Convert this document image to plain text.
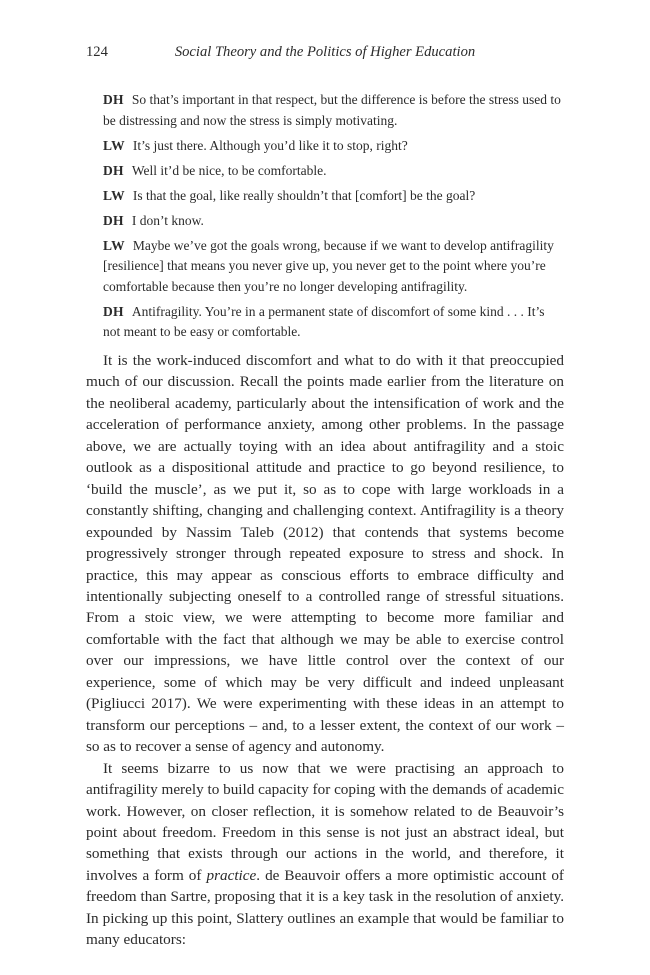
124	Social Theory and the Politics of Higher Education

DH So that’s important in that respect, but the difference is before the stress used to be distressing and now the stress is simply motivating.

LW It’s just there. Although you’d like it to stop, right?

DH Well it’d be nice, to be comfortable.

LW Is that the goal, like really shouldn’t that [comfort] be the goal?

DH I don’t know.

LW Maybe we’ve got the goals wrong, because if we want to develop antifragility [resilience] that means you never give up, you never get to the point where you’re comfortable because then you’re no longer developing antifragility.

DH Antifragility. You’re in a permanent state of discomfort of some kind . . . It’s not meant to be easy or comfortable.

It is the work-induced discomfort and what to do with it that preoccupied much of our discussion. Recall the points made earlier from the literature on the neoliberal academy, particularly about the intensification of work and the acceleration of performance anxiety, among other problems. In the passage above, we are actually toying with an idea about antifragility and a stoic outlook as a dispositional attitude and practice to go beyond resilience, to ‘build the muscle’, as we put it, so as to cope with large workloads in a constantly shifting, changing and challenging context. Antifragility is a theory expounded by Nassim Taleb (2012) that contends that systems become progressively stronger through repeated exposure to stress and shock. In practice, this may appear as conscious efforts to embrace difficulty and intentionally subjecting oneself to a controlled range of stressful situations. From a stoic view, we were attempting to become more familiar and comfortable with the fact that although we may be able to exercise control over our impressions, we have little control over the context of our experience, some of which may be very difficult and indeed unpleasant (Pigliucci 2017). We were experimenting with these ideas in an attempt to transform our perceptions – and, to a lesser extent, the context of our work – so as to recover a sense of agency and autonomy.

It seems bizarre to us now that we were practising an approach to antifragility merely to build capacity for coping with the demands of academic work. However, on closer reflection, it is somehow related to de Beauvoir’s point about freedom. Freedom in this sense is not just an abstract ideal, but something that exists through our actions in the world, and therefore, it involves a form of practice. de Beauvoir offers a more optimistic account of freedom than Sartre, proposing that it is a key task in the resolution of anxiety. In picking up this point, Slattery outlines an example that would be familiar to many educators:
